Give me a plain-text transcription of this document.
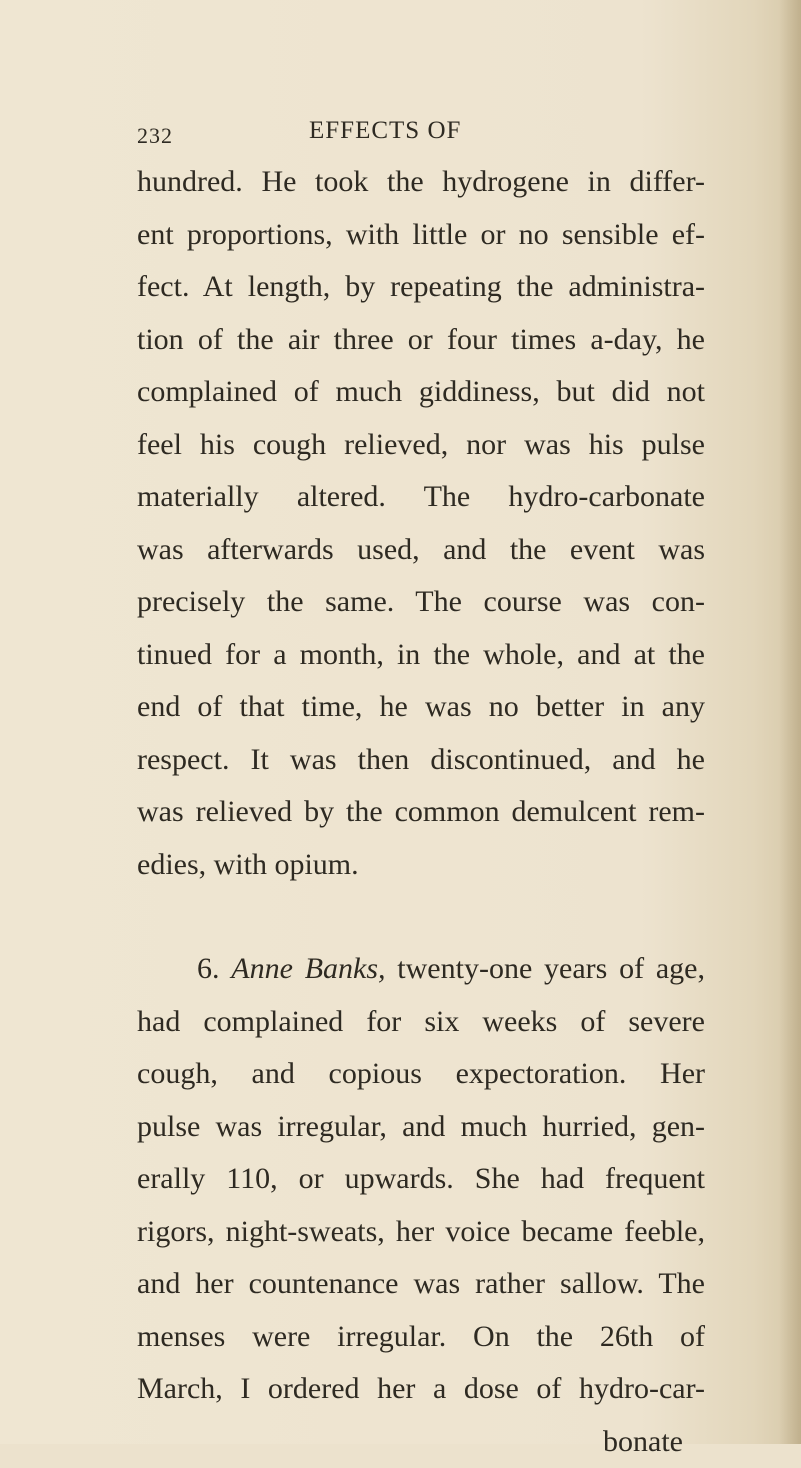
232	EFFECTS OF
hundred. He took the hydrogene in differ-
ent proportions, with little or no sensible ef-
fect. At length, by repeating the administra-
tion of the air three or four times a-day, he
complained of much giddiness, but did not
feel his cough relieved, nor was his pulse
materially altered. The hydro-carbonate
was afterwards used, and the event was
precisely the same. The course was con-
tinued for a month, in the whole, and at the
end of that time, he was no better in any
respect. It was then discontinued, and he
was relieved by the common demulcent rem-
edies, with opium.
6. Anne Banks, twenty-one years of age,
had complained for six weeks of severe
cough, and copious expectoration. Her
pulse was irregular, and much hurried, gen-
erally 110, or upwards. She had frequent
rigors, night-sweats, her voice became feeble,
and her countenance was rather sallow. The
menses were irregular. On the 26th of
March, I ordered her a dose of hydro-car-
bonate
